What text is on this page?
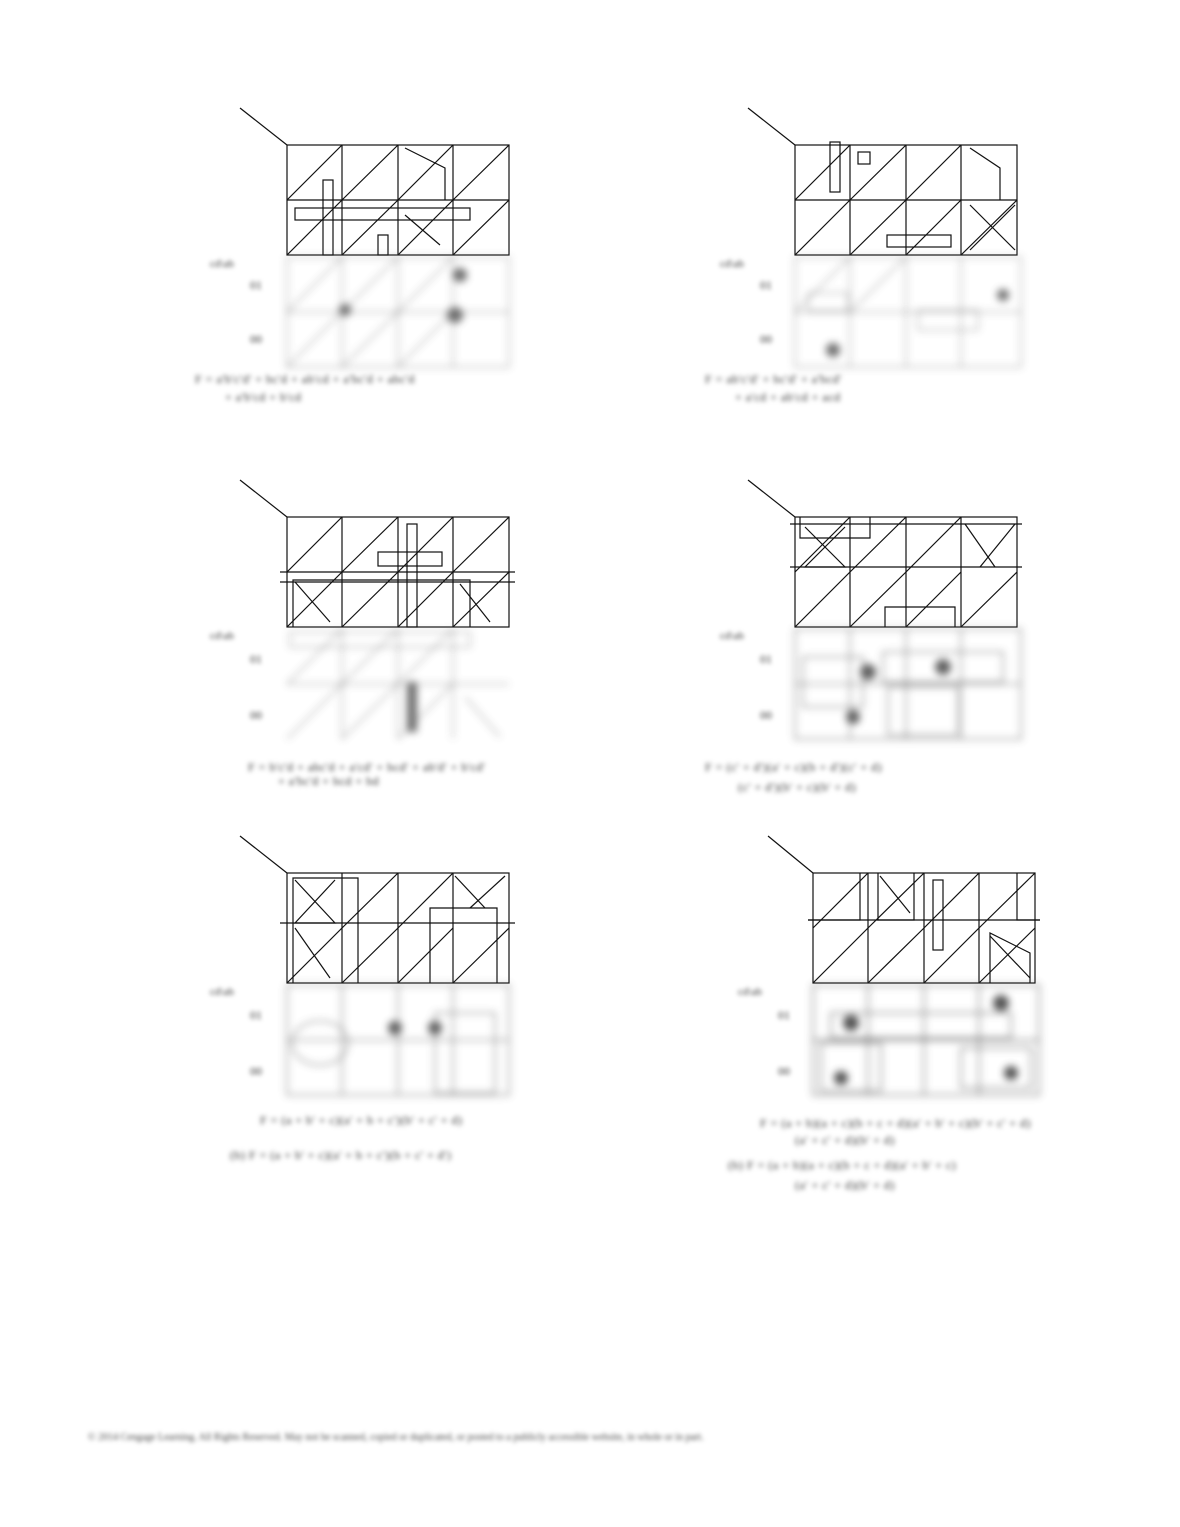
cd\ab
01
00
F = a'b'c'd' + bc'd + ab'cd + a'bc'd + abc'd
+ a'b'cd + b'cd
cd\ab
01
00
F = ab'c'd' + bc'd' + a'bcd'
+ a'cd + ab'cd + acd
cd\ab
01
00
F = b'c'd + abc'd + a'cd' + bcd' + ab'd' + b'cd'
+ a'bc'd + bcd + bd
cd\ab
01
00
F = (c' + d')(a' + c)(b + d')(c' + d)
(c' + d')(b' + c)(b' + d)
cd\ab
01
00
F = (a + b' + c)(a' + b + c')(b' + c' + d)
(b) F = (a + b' + c)(a' + b + c')(b + c' + d')
cd\ab
01
00
F = (a + b)(a + c)(b + c + d)(a' + b' + c)(b' + c' + d)
(a' + c' + d)(b' + d)
(b) F = (a + b)(a + c)(b + c + d)(a' + b' + c)
(a' + c' + d)(b' + d)
© 2014 Cengage Learning. All Rights Reserved. May not be scanned, copied or duplicated, or posted to a publicly accessible website, in whole or in part.
